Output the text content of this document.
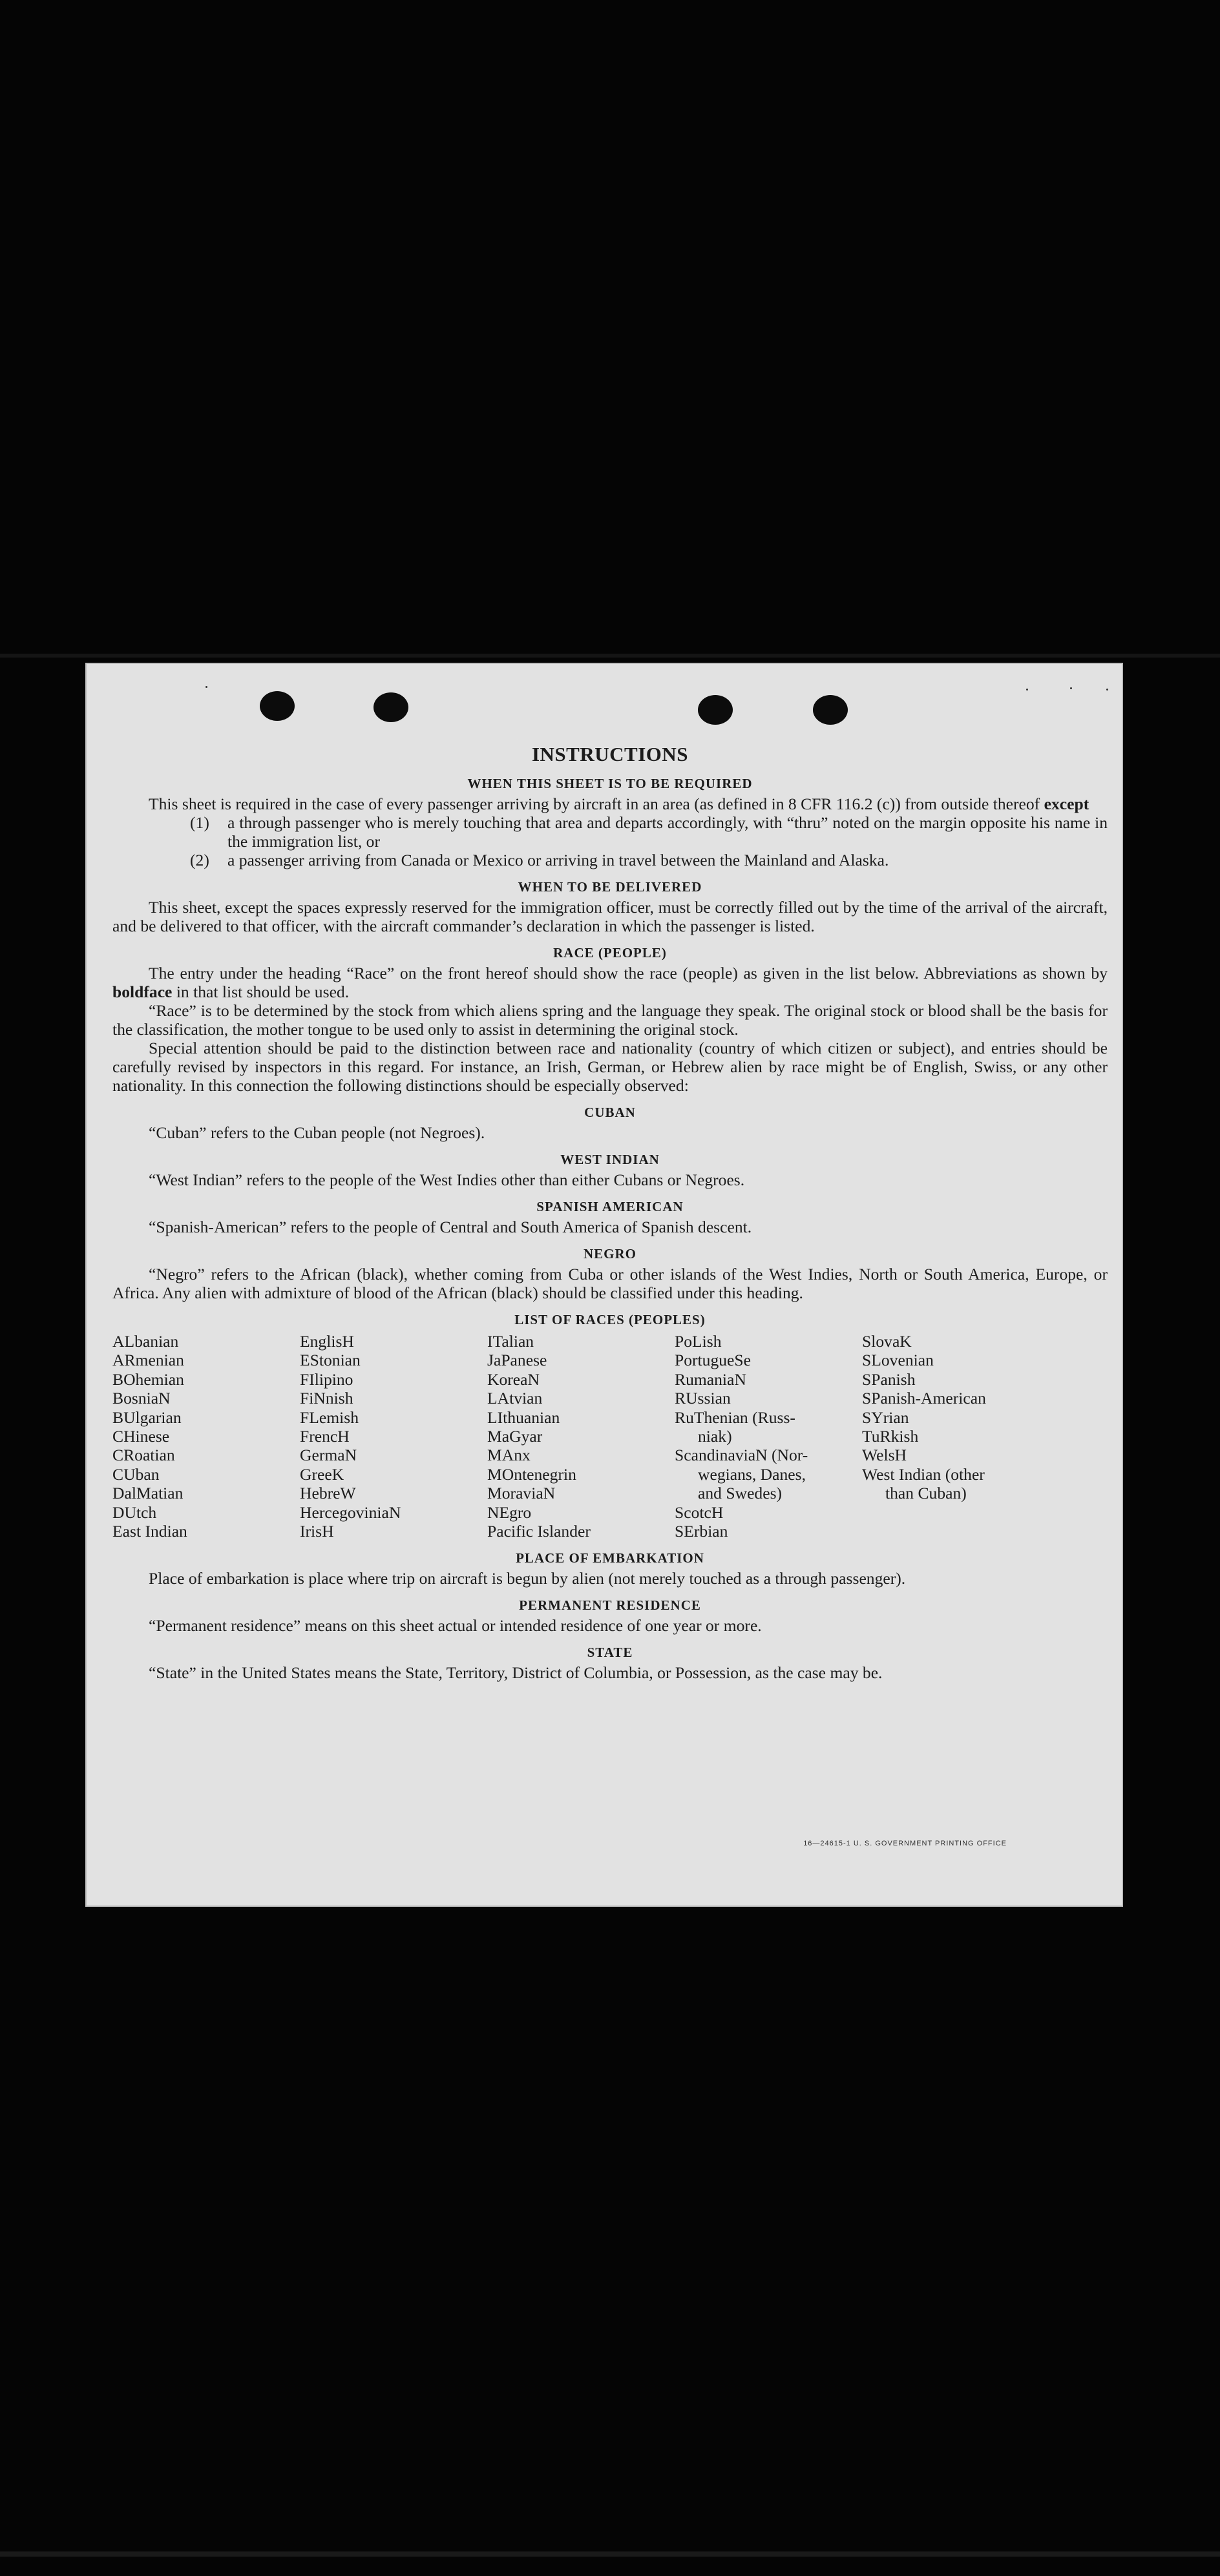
INSTRUCTIONS
WHEN THIS SHEET IS TO BE REQUIRED

This sheet is required in the case of every passenger arriving by aircraft in an area (as defined in 8 CFR 116.2 (c)) from outside thereof except

(1)	a through passenger who is merely touching that area and departs accordingly, with “thru” noted on the margin opposite his name in the immigration list, or
(2)	a passenger arriving from Canada or Mexico or arriving in travel between the Mainland and Alaska.
WHEN TO BE DELIVERED

This sheet, except the spaces expressly reserved for the immigration officer, must be correctly filled out by the time of the arrival of the aircraft, and be delivered to that officer, with the aircraft commander’s declaration in which the passenger is listed.

RACE (PEOPLE)

The entry under the heading “Race” on the front hereof should show the race (people) as given in the list below. Abbreviations as shown by boldface in that list should be used.

“Race” is to be determined by the stock from which aliens spring and the language they speak. The original stock or blood shall be the basis for the classification, the mother tongue to be used only to assist in determining the original stock.

Special attention should be paid to the distinction between race and nationality (country of which citizen or subject), and entries should be carefully revised by inspectors in this regard. For instance, an Irish, German, or Hebrew alien by race might be of English, Swiss, or any other nationality. In this connection the following distinctions should be especially observed:

CUBAN

“Cuban” refers to the Cuban people (not Negroes).

WEST INDIAN

“West Indian” refers to the people of the West Indies other than either Cubans or Negroes.

SPANISH AMERICAN

“Spanish-American” refers to the people of Central and South America of Spanish descent.

NEGRO

“Negro” refers to the African (black), whether coming from Cuba or other islands of the West Indies, North or South America, Europe, or Africa. Any alien with admixture of blood of the African (black) should be classified under this heading.

LIST OF RACES (PEOPLES)
ALbanian
ARmenian
BOhemian
BosniaN
BUlgarian
CHinese
CRoatian
CUban
DalMatian
DUtch
East Indian
EnglisH
EStonian
FIlipino
FiNnish
FLemish
FrencH
GermaN
GreeK
HebreW
HercegoviniaN
IrisH
ITalian
JaPanese
KoreaN
LAtvian
LIthuanian
MaGyar
MAnx
MOntenegrin
MoraviaN
NEgro
Pacific Islander
PoLish
PortugueSe
RumaniaN
RUssian
RuThenian (Russ-
niak)
ScandinaviaN (Nor-
wegians, Danes,
and Swedes)
ScotcH
SErbian
SlovaK
SLovenian
SPanish
SPanish-American
SYrian
TuRkish
WelsH
West Indian (other
than Cuban)
PLACE OF EMBARKATION

Place of embarkation is place where trip on aircraft is begun by alien (not merely touched as a through passenger).

PERMANENT RESIDENCE

“Permanent residence” means on this sheet actual or intended residence of one year or more.

STATE

“State” in the United States means the State, Territory, District of Columbia, or Possession, as the case may be.

16—24615-1 U. S. GOVERNMENT PRINTING OFFICE
